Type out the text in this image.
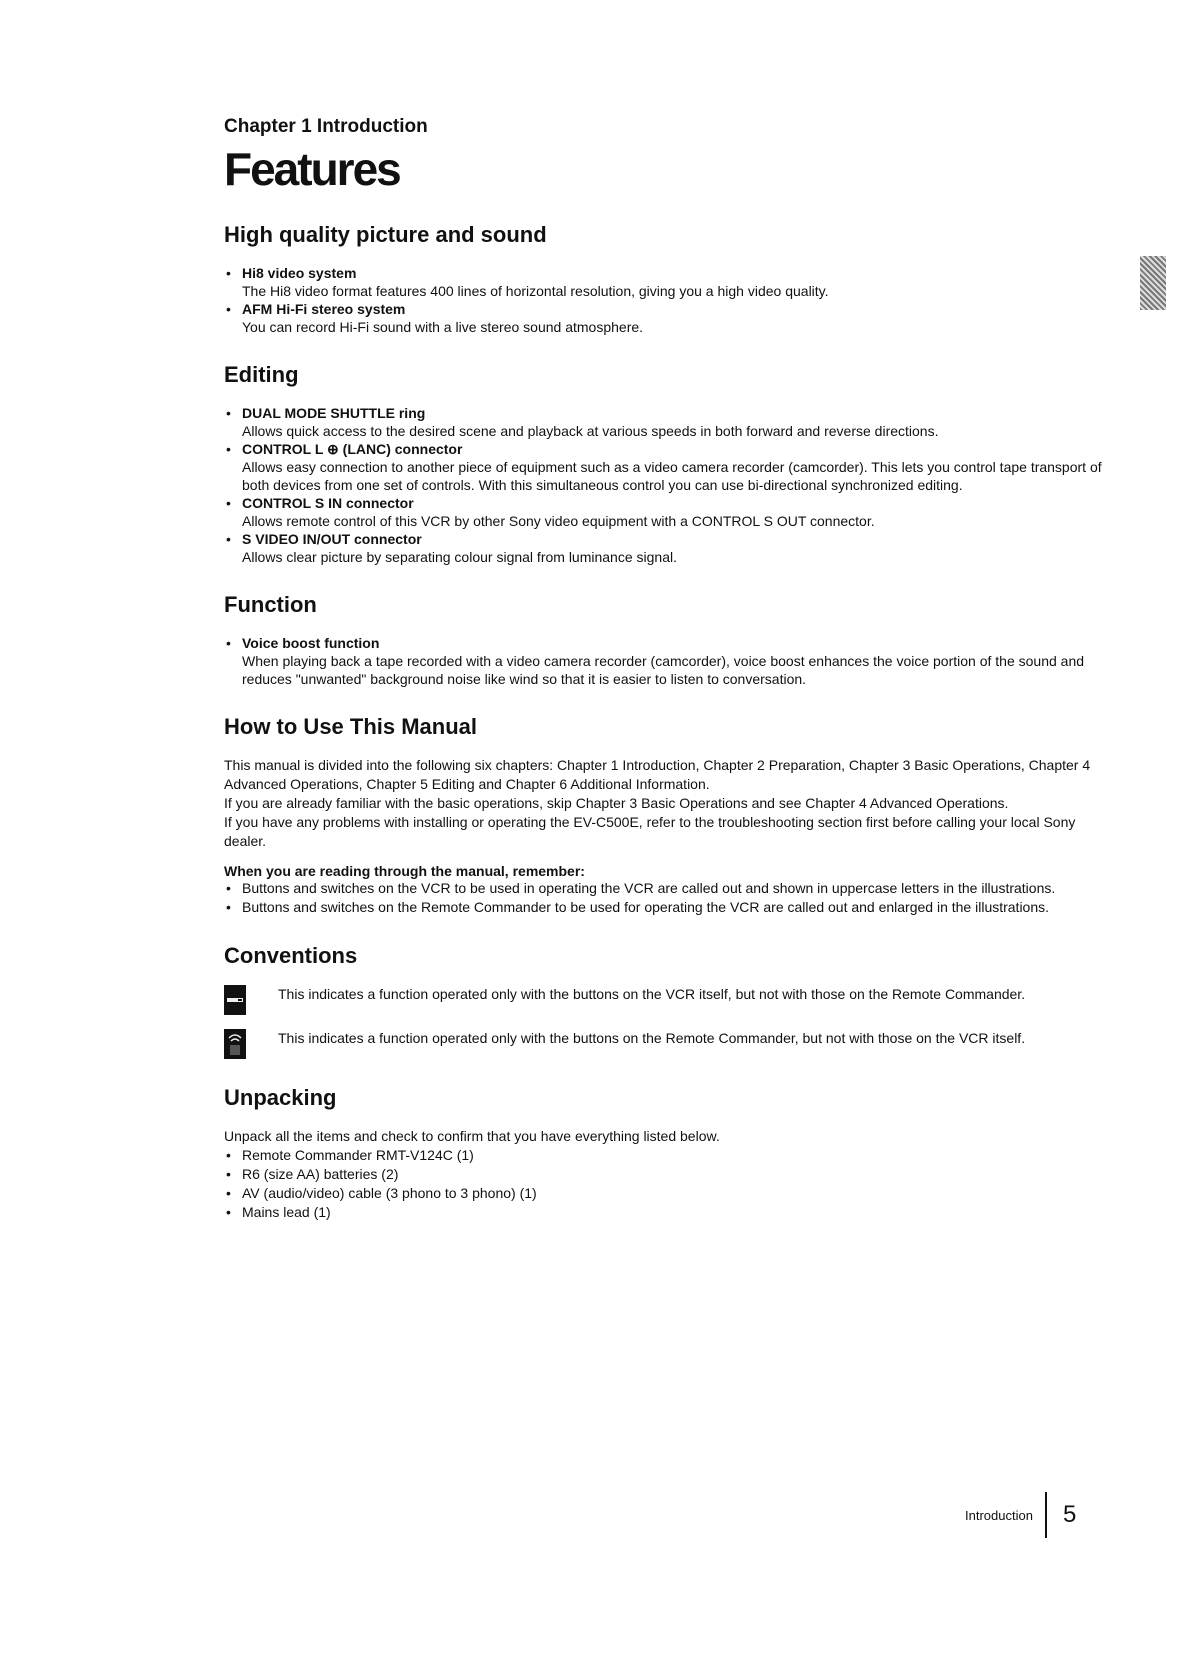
Chapter 1 Introduction

Features
High quality picture and sound
• Hi8 video system
The Hi8 video format features 400 lines of horizontal resolution, giving you a high video quality.
• AFM Hi-Fi stereo system
You can record Hi-Fi sound with a live stereo sound atmosphere.
Editing
• DUAL MODE SHUTTLE ring
Allows quick access to the desired scene and playback at various speeds in both forward and reverse directions.
• CONTROL L ⊕ (LANC) connector
Allows easy connection to another piece of equipment such as a video camera recorder (camcorder). This lets you control tape transport of both devices from one set of controls. With this simultaneous control you can use bi-directional synchronized editing.
• CONTROL S IN connector
Allows remote control of this VCR by other Sony video equipment with a CONTROL S OUT connector.
• S VIDEO IN/OUT connector
Allows clear picture by separating colour signal from luminance signal.
Function
• Voice boost function
When playing back a tape recorded with a video camera recorder (camcorder), voice boost enhances the voice portion of the sound and reduces "unwanted" background noise like wind so that it is easier to listen to conversation.
How to Use This Manual

This manual is divided into the following six chapters: Chapter 1 Introduction, Chapter 2 Preparation, Chapter 3 Basic Operations, Chapter 4 Advanced Operations, Chapter 5 Editing and Chapter 6 Additional Information.

If you are already familiar with the basic operations, skip Chapter 3 Basic Operations and see Chapter 4 Advanced Operations.

If you have any problems with installing or operating the EV-C500E, refer to the troubleshooting section first before calling your local Sony dealer.

When you are reading through the manual, remember:

• Buttons and switches on the VCR to be used in operating the VCR are called out and shown in uppercase letters in the illustrations.
• Buttons and switches on the Remote Commander to be used for operating the VCR are called out and enlarged in the illustrations.
Conventions
This indicates a function operated only with the buttons on the VCR itself, but not with those on the Remote Commander.
This indicates a function operated only with the buttons on the Remote Commander, but not with those on the VCR itself.
Unpacking

Unpack all the items and check to confirm that you have everything listed below.

• Remote Commander RMT-V124C (1)
• R6 (size AA) batteries (2)
• AV (audio/video) cable (3 phono to 3 phono) (1)
• Mains lead (1)
Introduction 5
